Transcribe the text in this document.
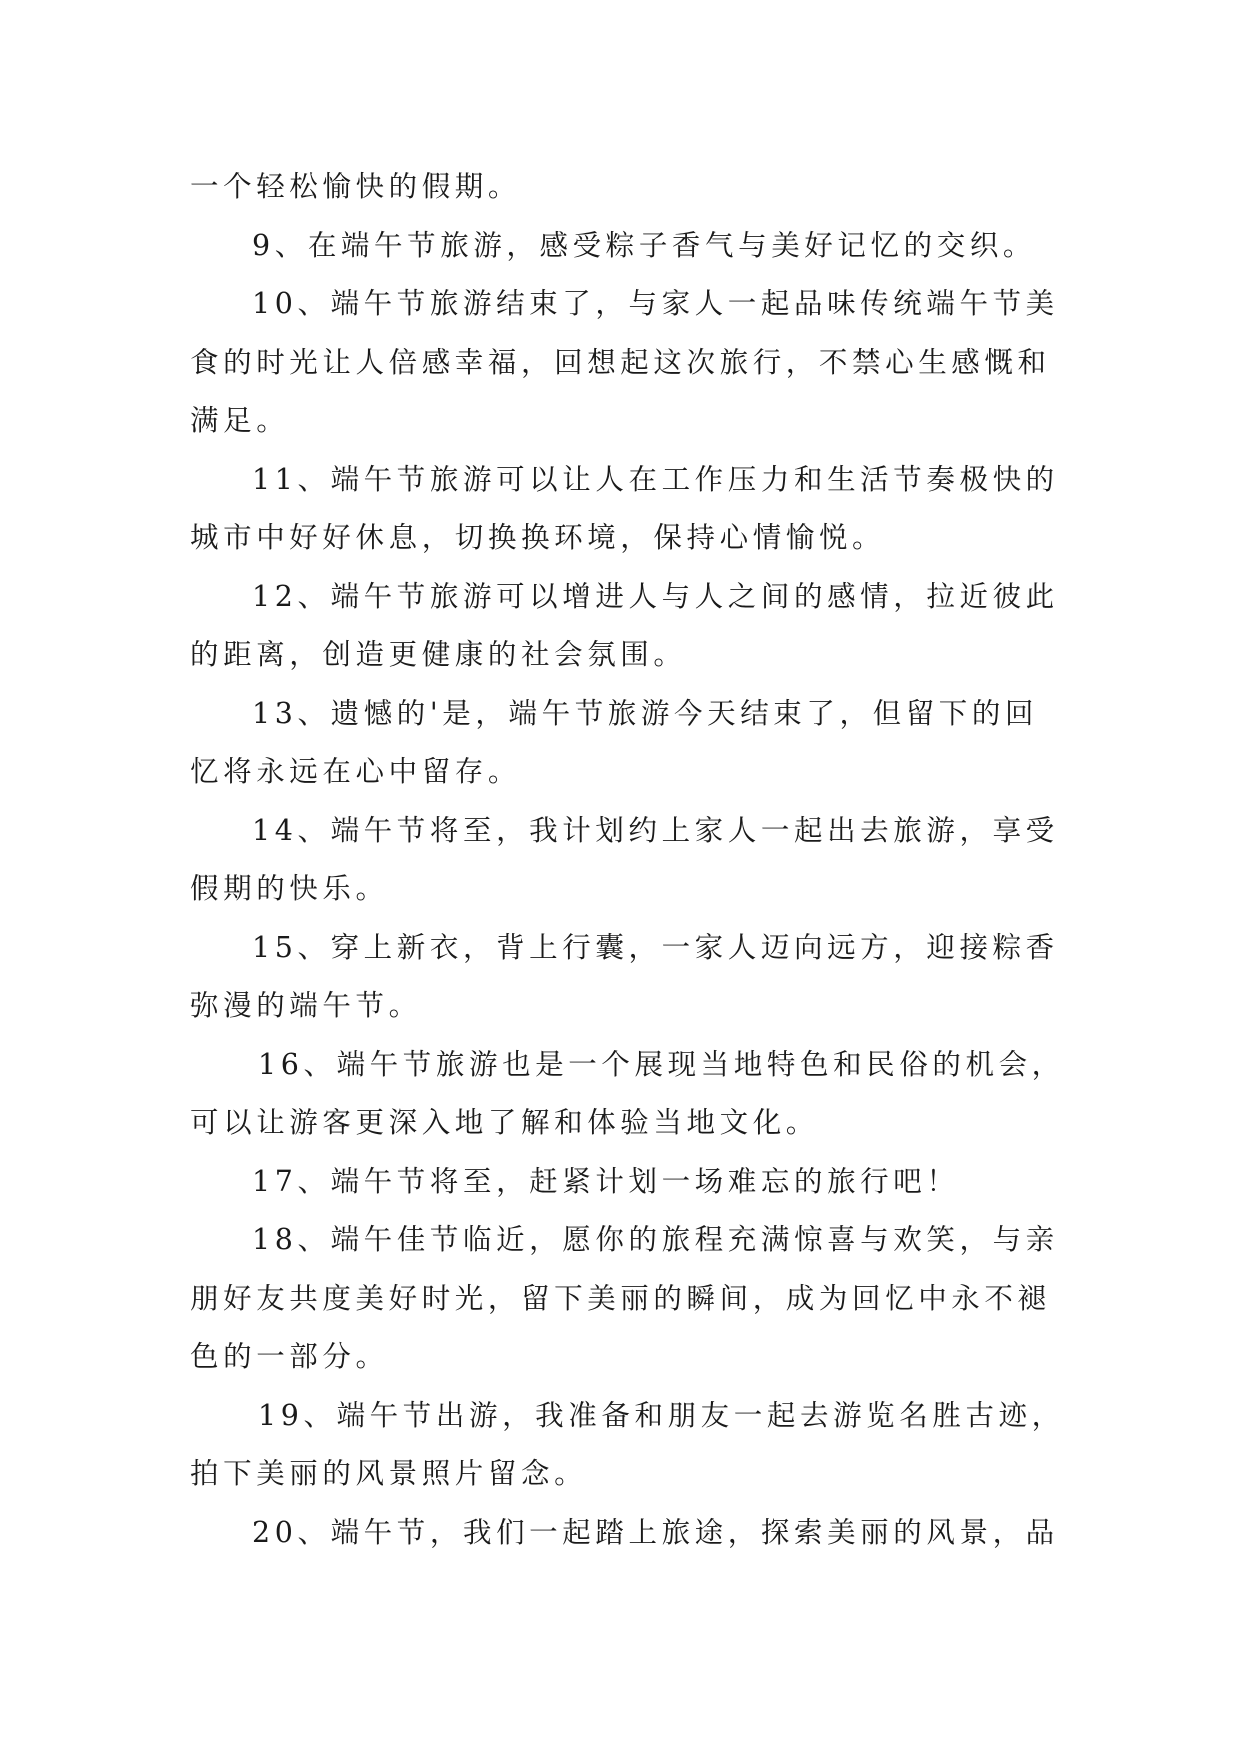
一个轻松愉快的假期。
9、在端午节旅游，感受粽子香气与美好记忆的交织。
10、端午节旅游结束了，与家人一起品味传统端午节美
食的时光让人倍感幸福，回想起这次旅行，不禁心生感慨和
满足。
11、端午节旅游可以让人在工作压力和生活节奏极快的
城市中好好休息，切换换环境，保持心情愉悦。
12、端午节旅游可以增进人与人之间的感情，拉近彼此
的距离，创造更健康的社会氛围。
13、遗憾的'是，端午节旅游今天结束了，但留下的回
忆将永远在心中留存。
14、端午节将至，我计划约上家人一起出去旅游，享受
假期的快乐。
15、穿上新衣，背上行囊，一家人迈向远方，迎接粽香
弥漫的端午节。
16、端午节旅游也是一个展现当地特色和民俗的机会，
可以让游客更深入地了解和体验当地文化。
17、端午节将至，赶紧计划一场难忘的旅行吧！
18、端午佳节临近，愿你的旅程充满惊喜与欢笑，与亲
朋好友共度美好时光，留下美丽的瞬间，成为回忆中永不褪
色的一部分。
19、端午节出游，我准备和朋友一起去游览名胜古迹，
拍下美丽的风景照片留念。
20、端午节，我们一起踏上旅途，探索美丽的风景，品
